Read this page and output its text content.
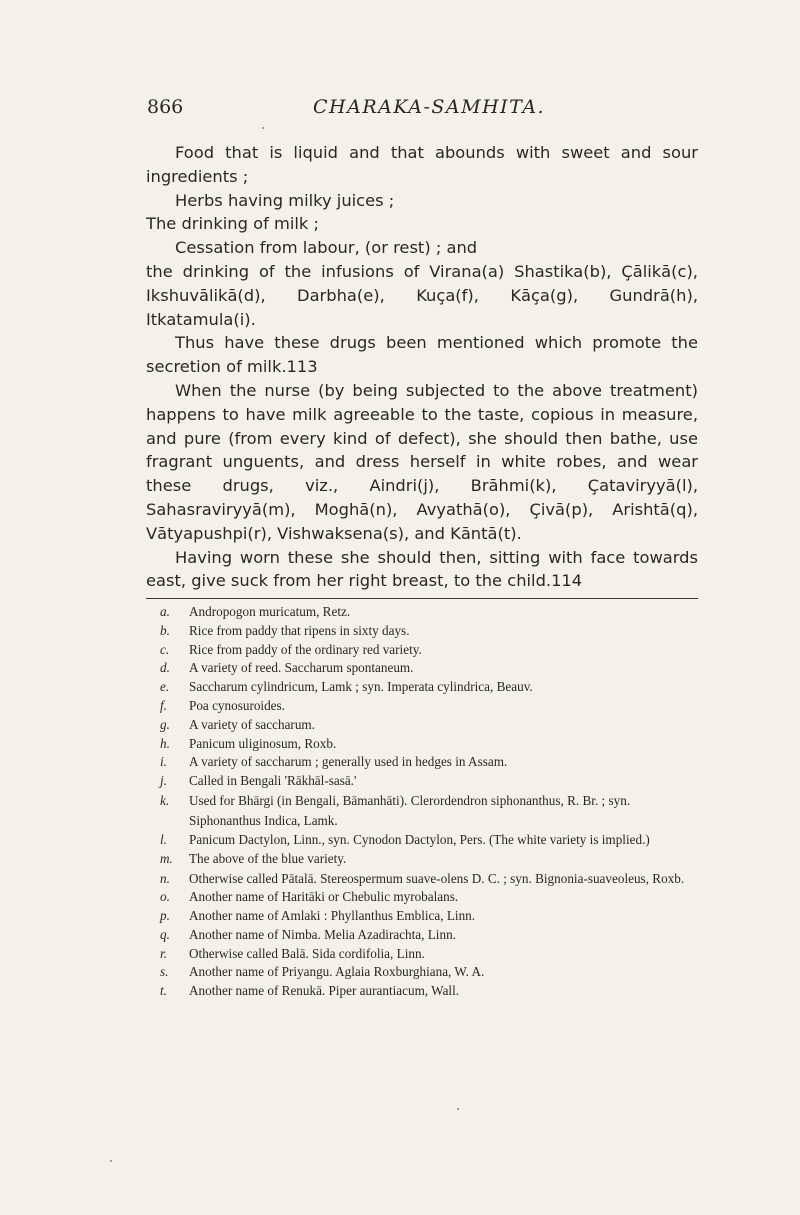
866	CHARAKA-SAMHITA.

Food that is liquid and that abounds with sweet and sour ingredients ;

Herbs having milky juices ;

The drinking of milk ;

Cessation from labour, (or rest) ; and

the drinking of the infusions of Virana(a) Shastika(b), Çālikā(c), Ikshuvālikā(d), Darbha(e), Kuça(f), Kāça(g), Gundrā(h), Itkatamula(i).

Thus have these drugs been mentioned which promote the secretion of milk.113

When the nurse (by being subjected to the above treatment) happens to have milk agreeable to the taste, copious in measure, and pure (from every kind of defect), she should then bathe, use fragrant unguents, and dress herself in white robes, and wear these drugs, viz., Aindri(j), Brāhmi(k), Çataviryyā(l), Sahasraviryyā(m), Moghā(n), Avyathā(o), Çivā(p), Arishtā(q), Vātyapushpi(r), Vishwaksena(s), and Kāntā(t).

Having worn these she should then, sitting with face towards east, give suck from her right breast, to the child.114

a.	Andropogon muricatum, Retz.
b.	Rice from paddy that ripens in sixty days.
c.	Rice from paddy of the ordinary red variety.
d.	A variety of reed. Saccharum spontaneum.
e.	Saccharum cylindricum, Lamk ; syn. Imperata cylindrica, Beauv.
f.	Poa cynosuroides.
g.	A variety of saccharum.
h.	Panicum uliginosum, Roxb.
i.	A variety of saccharum ; generally used in hedges in Assam.
j.	Called in Bengali 'Rākhāl-sasā.'
k.	Used for Bhārgi (in Bengali, Bāmanhāti). Clerordendron siphonanthus, R. Br. ; syn. Siphonanthus Indica, Lamk.
l.	Panicum Dactylon, Linn., syn. Cynodon Dactylon, Pers. (The white variety is implied.)
m.	The above of the blue variety.
n.	Otherwise called Pātalā. Stereospermum suave-olens D. C. ; syn. Bignonia-suaveoleus, Roxb.
o.	Another name of Haritāki or Chebulic myrobalans.
p.	Another name of Amlaki : Phyllanthus Emblica, Linn.
q.	Another name of Nimba. Melia Azadirachta, Linn.
r.	Otherwise called Balā. Sida cordifolia, Linn.
s.	Another name of Priyangu. Aglaia Roxburghiana, W. A.
t.	Another name of Renukā. Piper aurantiacum, Wall.
